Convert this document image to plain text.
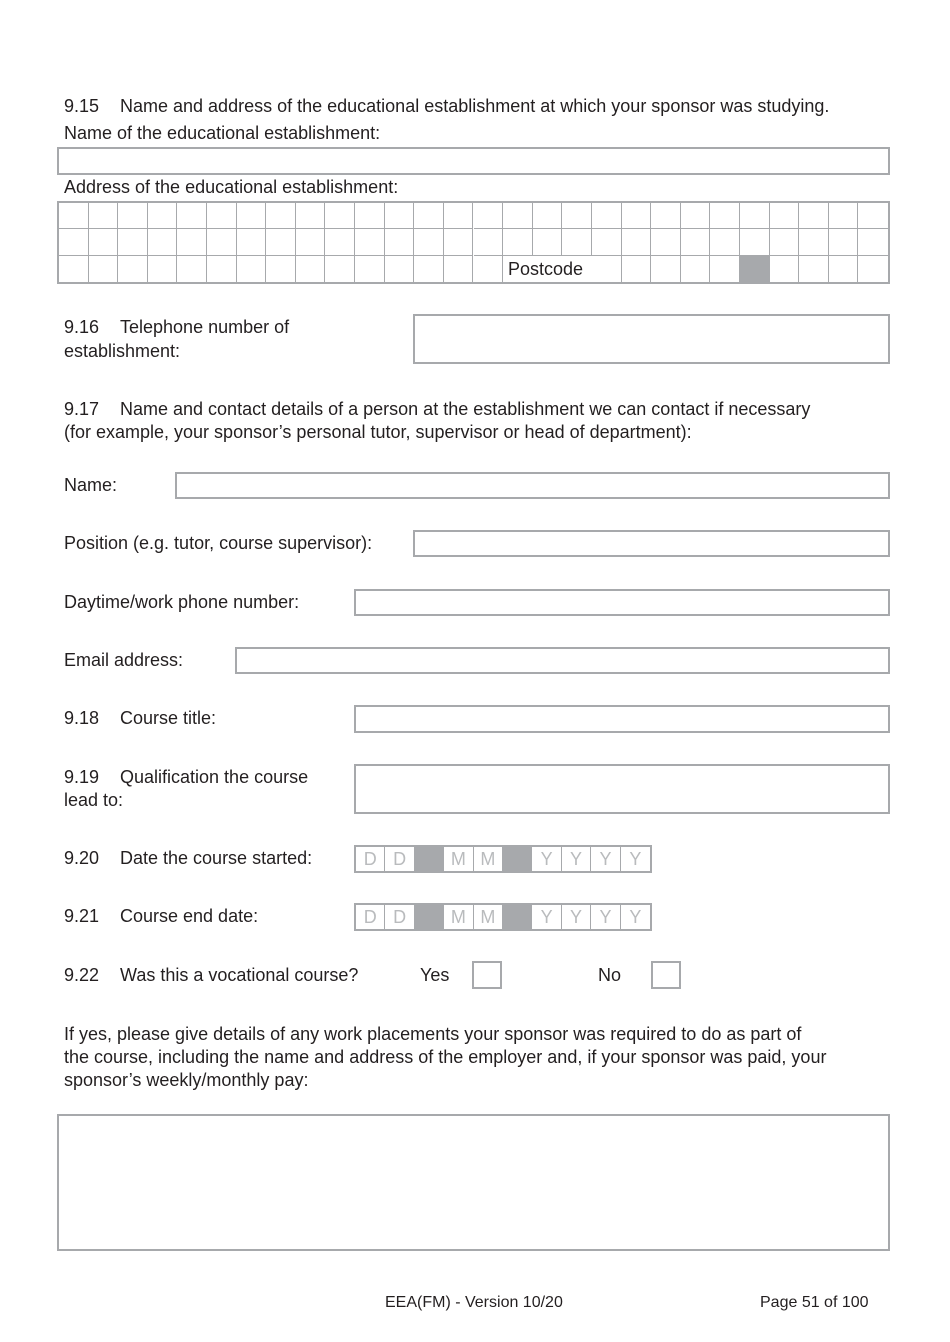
9.15 Name and address of the educational establishment at which your sponsor was studying.
Name of the educational establishment:
Address of the educational establishment:
Postcode
9.16 Telephone number of
establishment:
9.17 Name and contact details of a person at the establishment we can contact if necessary
(for example, your sponsor’s personal tutor, supervisor or head of department):
Name:
Position (e.g. tutor, course supervisor):
Daytime/work phone number:
Email address:
9.18 Course title:
9.19 Qualification the course
lead to:
9.20 Date the course started:	D D	M M	Y Y Y Y
9.21 Course end date:	D D	M M	Y Y Y Y
9.22 Was this a vocational course?	Yes	No
If yes, please give details of any work placements your sponsor was required to do as part of
the course, including the name and address of the employer and, if your sponsor was paid, your
sponsor’s weekly/monthly pay:
EEA(FM) - Version 10/20	Page 51 of 100
